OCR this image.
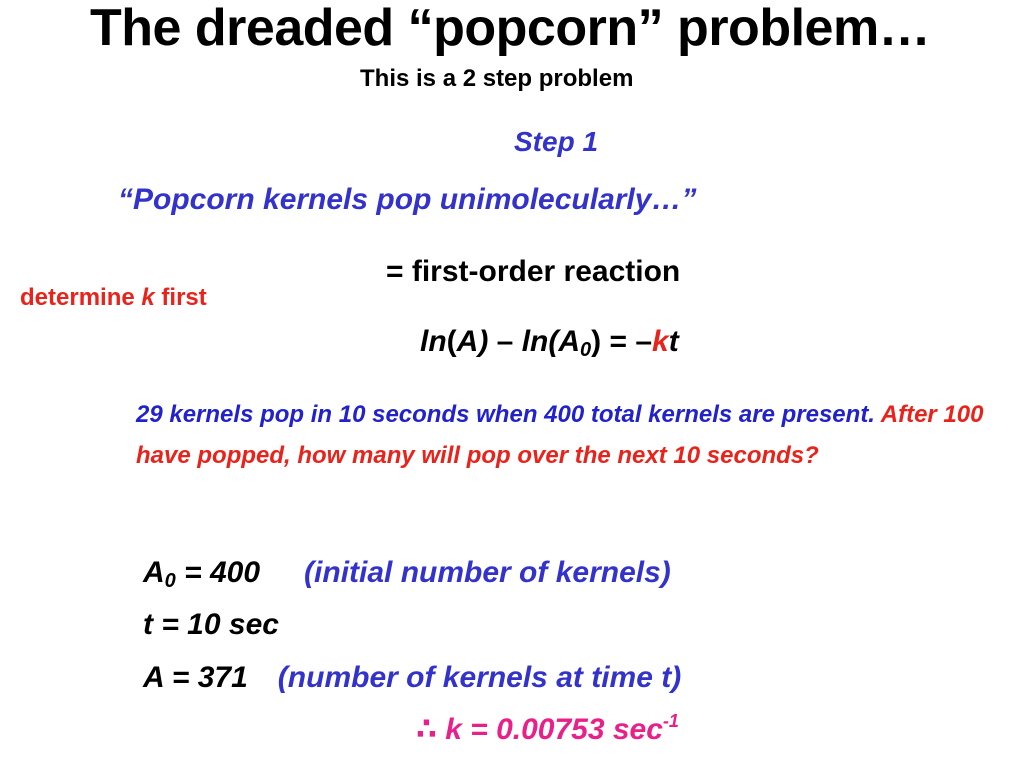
The dreaded “popcorn” problem…
This is a 2 step problem
Step 1
“Popcorn kernels pop unimolecularly…”
= first-order reaction
determine k first
$\ln(A) - \ln(A_0) = -kt$
29 kernels pop in 10 seconds when 400 total kernels are present. After 100 have popped, how many will pop over the next 10 seconds?
$A_0 = 400$ (initial number of kernels)
t = 10 sec
A = 371 (number of kernels at time t)
∴ k = 0.00753 $\sec^{-1}$
